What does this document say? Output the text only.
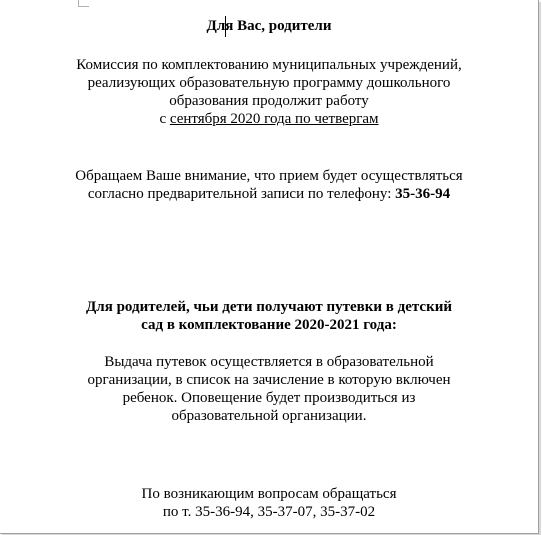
Для Вас, родители

Комиссия по комплектованию муниципальных учреждений,

реализующих образовательную программу дошкольного

образования продолжит работу

с сентября 2020 года по четвергам

Обращаем Ваше внимание, что прием будет осуществляться

согласно предварительной записи по телефону: 35-36-94

Для родителей, чьи дети получают путевки в детский

сад в комплектование 2020-2021 года:

Выдача путевок осуществляется в образовательной

организации, в список на зачисление в которую включен

ребенок. Оповещение будет производиться из

образовательной организации.

По возникающим вопросам обращаться

по т. 35-36-94, 35-37-07, 35-37-02
